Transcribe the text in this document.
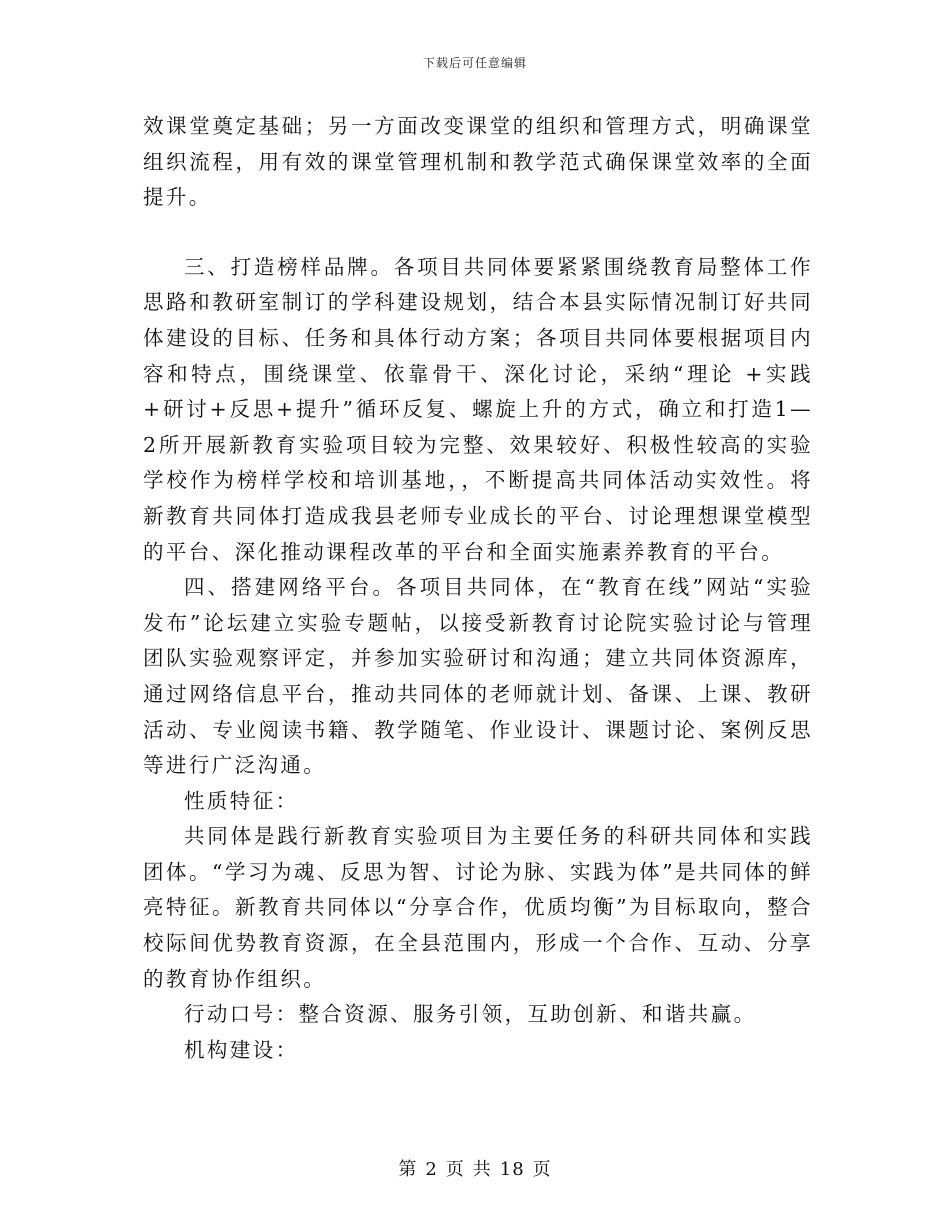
下载后可任意编辑

效课堂奠定基础；另一方面改变课堂的组织和管理方式，明确课堂组织流程，用有效的课堂管理机制和教学范式确保课堂效率的全面提升。

三、打造榜样品牌。各项目共同体要紧紧围绕教育局整体工作思路和教研室制订的学科建设规划，结合本县实际情况制订好共同体建设的目标、任务和具体行动方案；各项目共同体要根据项目内容和特点，围绕课堂、依靠骨干、深化讨论，采纳“理论 +实践+研讨+反思+提升”循环反复、螺旋上升的方式，确立和打造1—2所开展新教育实验项目较为完整、效果较好、积极性较高的实验学校作为榜样学校和培训基地，，不断提高共同体活动实效性。将新教育共同体打造成我县老师专业成长的平台、讨论理想课堂模型的平台、深化推动课程改革的平台和全面实施素养教育的平台。

四、搭建网络平台。各项目共同体，在“教育在线”网站“实验发布”论坛建立实验专题帖，以接受新教育讨论院实验讨论与管理团队实验观察评定，并参加实验研讨和沟通；建立共同体资源库，通过网络信息平台，推动共同体的老师就计划、备课、上课、教研活动、专业阅读书籍、教学随笔、作业设计、课题讨论、案例反思等进行广泛沟通。

性质特征：

共同体是践行新教育实验项目为主要任务的科研共同体和实践团体。“学习为魂、反思为智、讨论为脉、实践为体”是共同体的鲜亮特征。新教育共同体以“分享合作，优质均衡”为目标取向，整合校际间优势教育资源，在全县范围内，形成一个合作、互动、分享的教育协作组织。

行动口号：整合资源、服务引领，互助创新、和谐共赢。

机构建设：

第 2 页 共 18 页
